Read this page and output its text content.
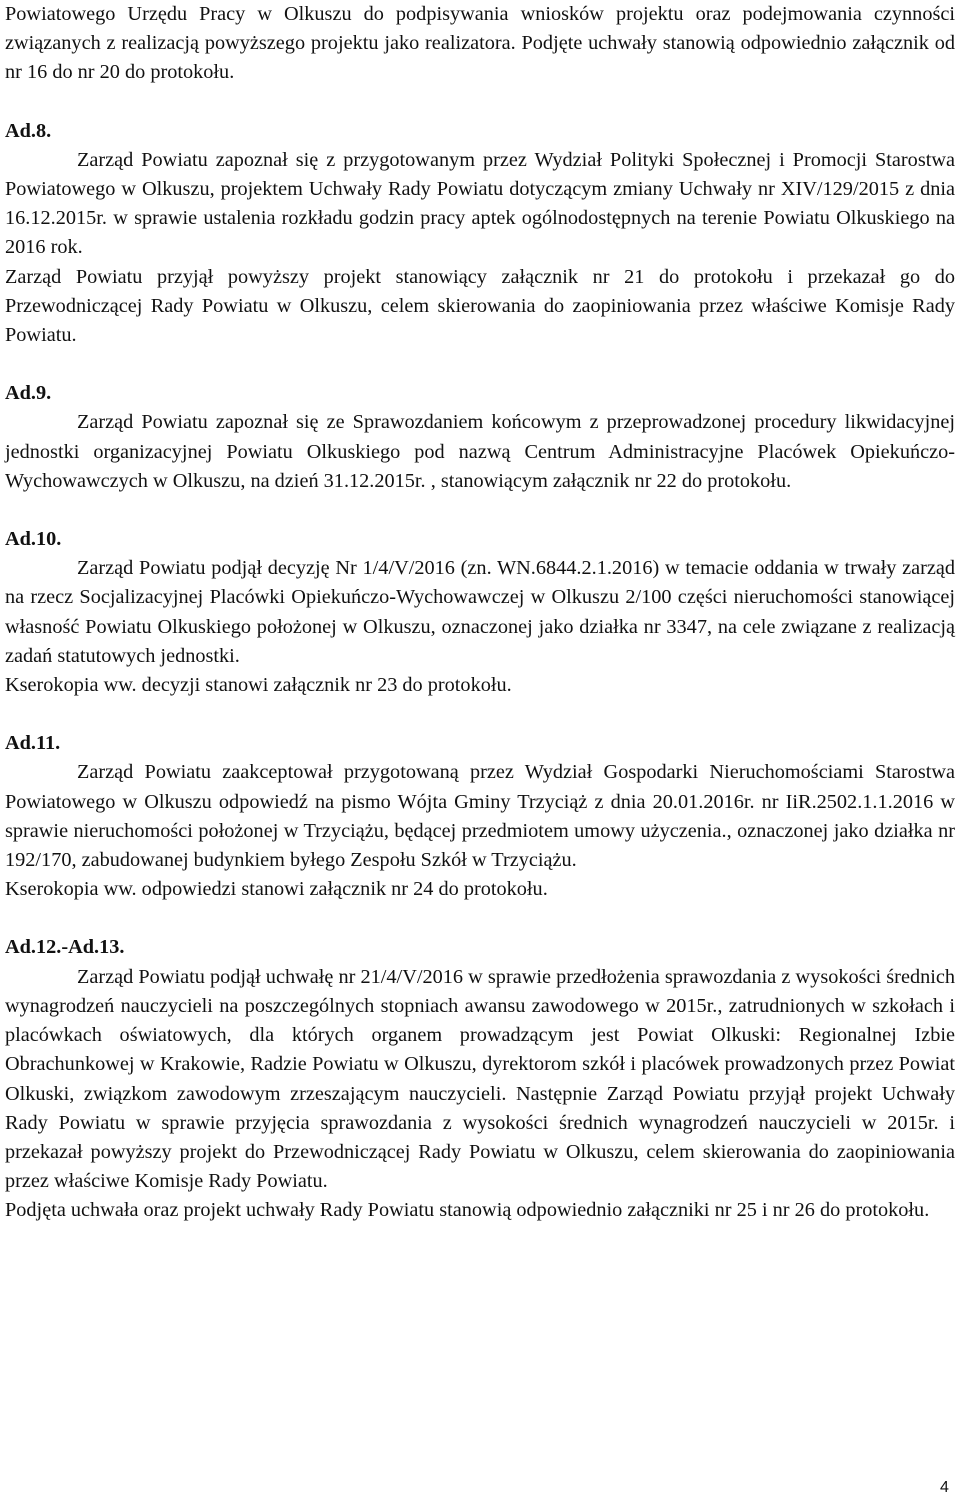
Powiatowego Urzędu Pracy w Olkuszu do podpisywania wniosków projektu oraz podejmowania czynności związanych z realizacją powyższego projektu jako realizatora. Podjęte uchwały stanowią odpowiednio załącznik od nr 16 do nr 20 do protokołu.

Ad.8.

Zarząd Powiatu zapoznał się z przygotowanym przez Wydział Polityki Społecznej i Promocji Starostwa Powiatowego w Olkuszu, projektem Uchwały Rady Powiatu dotyczącym zmiany Uchwały nr XIV/129/2015 z dnia 16.12.2015r. w sprawie ustalenia rozkładu godzin pracy aptek ogólnodostępnych na terenie Powiatu Olkuskiego na 2016 rok.

Zarząd Powiatu przyjął powyższy projekt stanowiący załącznik nr 21 do protokołu i przekazał go do Przewodniczącej Rady Powiatu w Olkuszu, celem skierowania do zaopiniowania przez właściwe Komisje Rady Powiatu.

Ad.9.

Zarząd Powiatu zapoznał się ze Sprawozdaniem końcowym z przeprowadzonej procedury likwidacyjnej jednostki organizacyjnej Powiatu Olkuskiego pod nazwą Centrum Administracyjne Placówek Opiekuńczo-Wychowawczych w Olkuszu, na dzień 31.12.2015r. , stanowiącym załącznik nr 22 do protokołu.

Ad.10.

Zarząd Powiatu podjął decyzję Nr 1/4/V/2016 (zn. WN.6844.2.1.2016) w temacie oddania w trwały zarząd na rzecz Socjalizacyjnej Placówki Opiekuńczo-Wychowawczej w Olkuszu 2/100 części nieruchomości stanowiącej własność Powiatu Olkuskiego położonej w Olkuszu, oznaczonej jako działka nr 3347, na cele związane z realizacją zadań statutowych jednostki.

Kserokopia ww. decyzji stanowi załącznik nr 23 do protokołu.

Ad.11.

Zarząd Powiatu zaakceptował przygotowaną przez Wydział Gospodarki Nieruchomościami Starostwa Powiatowego w Olkuszu odpowiedź na pismo Wójta Gminy Trzyciąż z dnia 20.01.2016r. nr IiR.2502.1.1.2016 w sprawie nieruchomości położonej w Trzyciążu, będącej przedmiotem umowy użyczenia., oznaczonej jako działka nr 192/170, zabudowanej budynkiem byłego Zespołu Szkół w Trzyciążu.

Kserokopia ww. odpowiedzi stanowi załącznik nr 24 do protokołu.

Ad.12.-Ad.13.

Zarząd Powiatu podjął uchwałę nr 21/4/V/2016 w sprawie przedłożenia sprawozdania z wysokości średnich wynagrodzeń nauczycieli na poszczególnych stopniach awansu zawodowego w 2015r., zatrudnionych w szkołach i placówkach oświatowych, dla których organem prowadzącym jest Powiat Olkuski: Regionalnej Izbie Obrachunkowej w Krakowie, Radzie Powiatu w Olkuszu, dyrektorom szkół i placówek prowadzonych przez Powiat Olkuski, związkom zawodowym zrzeszającym nauczycieli. Następnie Zarząd Powiatu przyjął projekt Uchwały Rady Powiatu w sprawie przyjęcia sprawozdania z wysokości średnich wynagrodzeń nauczycieli w 2015r. i przekazał powyższy projekt do Przewodniczącej Rady Powiatu w Olkuszu, celem skierowania do zaopiniowania przez właściwe Komisje Rady Powiatu.

Podjęta uchwała oraz projekt uchwały Rady Powiatu stanowią odpowiednio załączniki nr 25 i nr 26 do protokołu.

4
